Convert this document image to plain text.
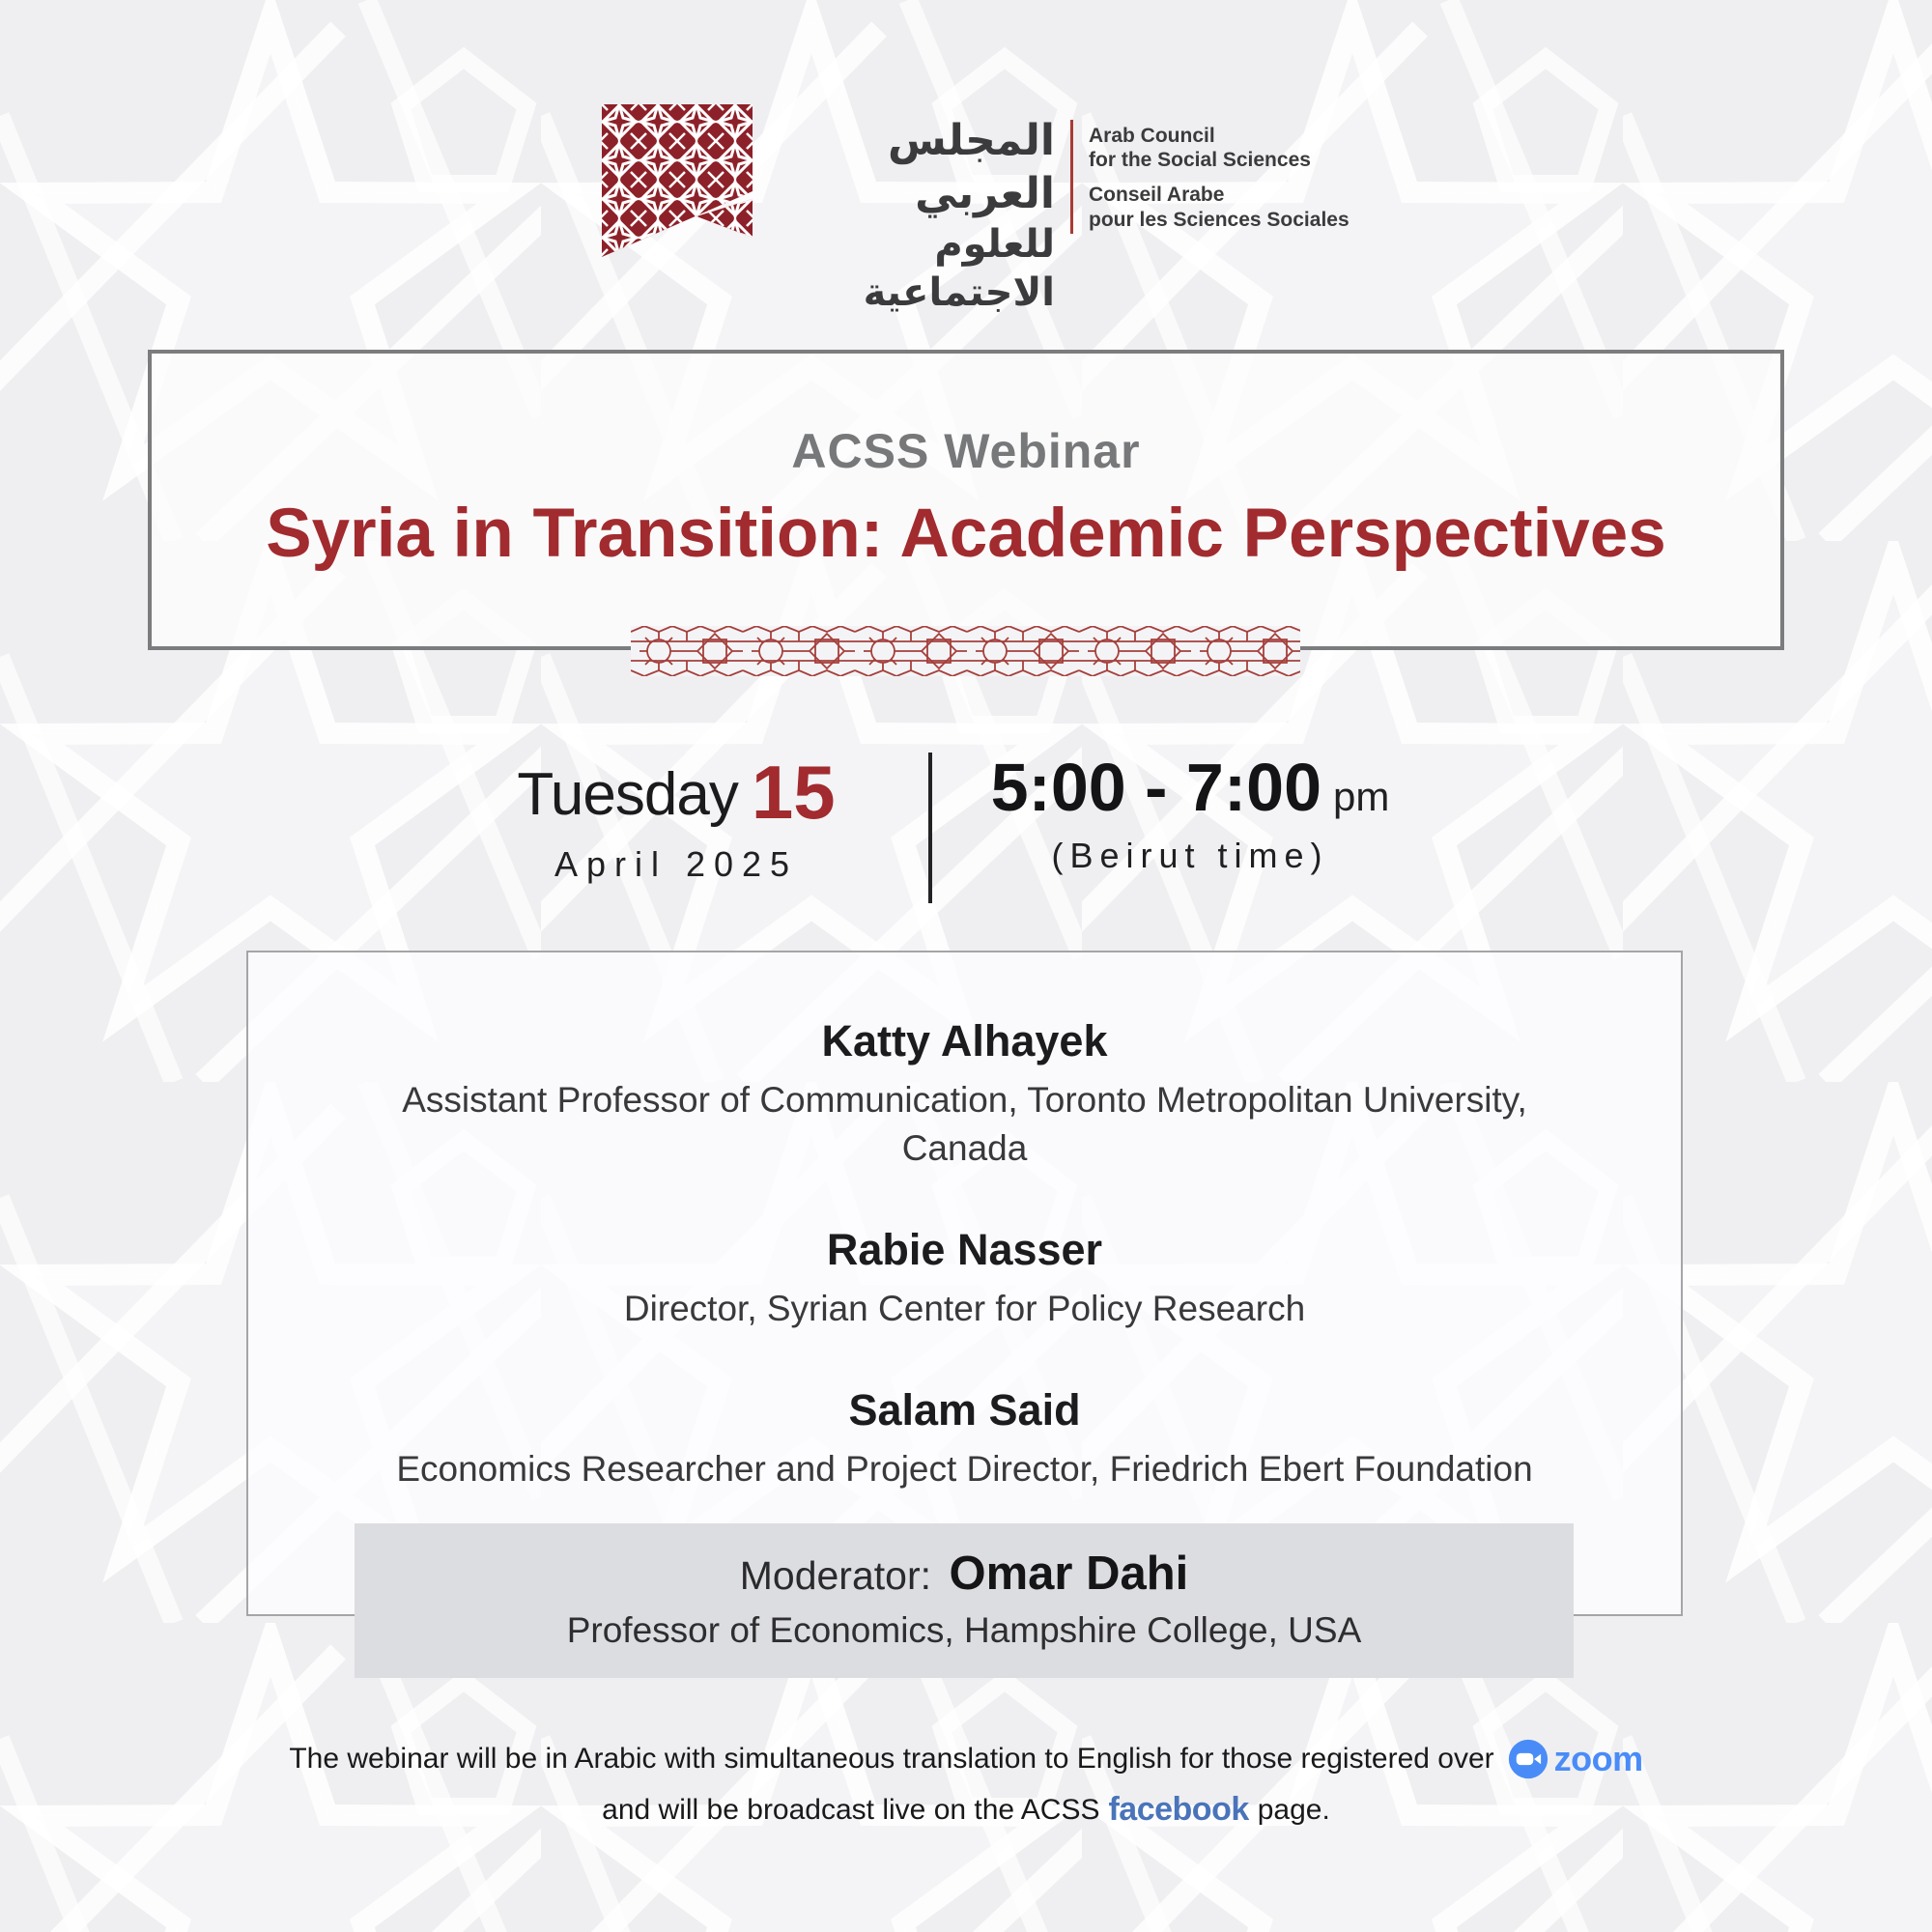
المجلس العربي
للعلوم الاجتماعية
Arab Council
for the Social Sciences
Conseil Arabe
pour les Sciences Sociales
ACSS Webinar
Syria in Transition: Academic Perspectives
Tuesday 15
April 2025
5:00 - 7:00 pm
(Beirut time)
Katty Alhayek
Assistant Professor of Communication, Toronto Metropolitan University, Canada
Rabie Nasser
Director, Syrian Center for Policy Research
Salam Said
Economics Researcher and Project Director, Friedrich Ebert Foundation
Moderator: Omar Dahi
Professor of Economics, Hampshire College, USA
The webinar will be in Arabic with simultaneous translation to English for those registered over zoom
and will be broadcast live on the ACSS facebook page.
